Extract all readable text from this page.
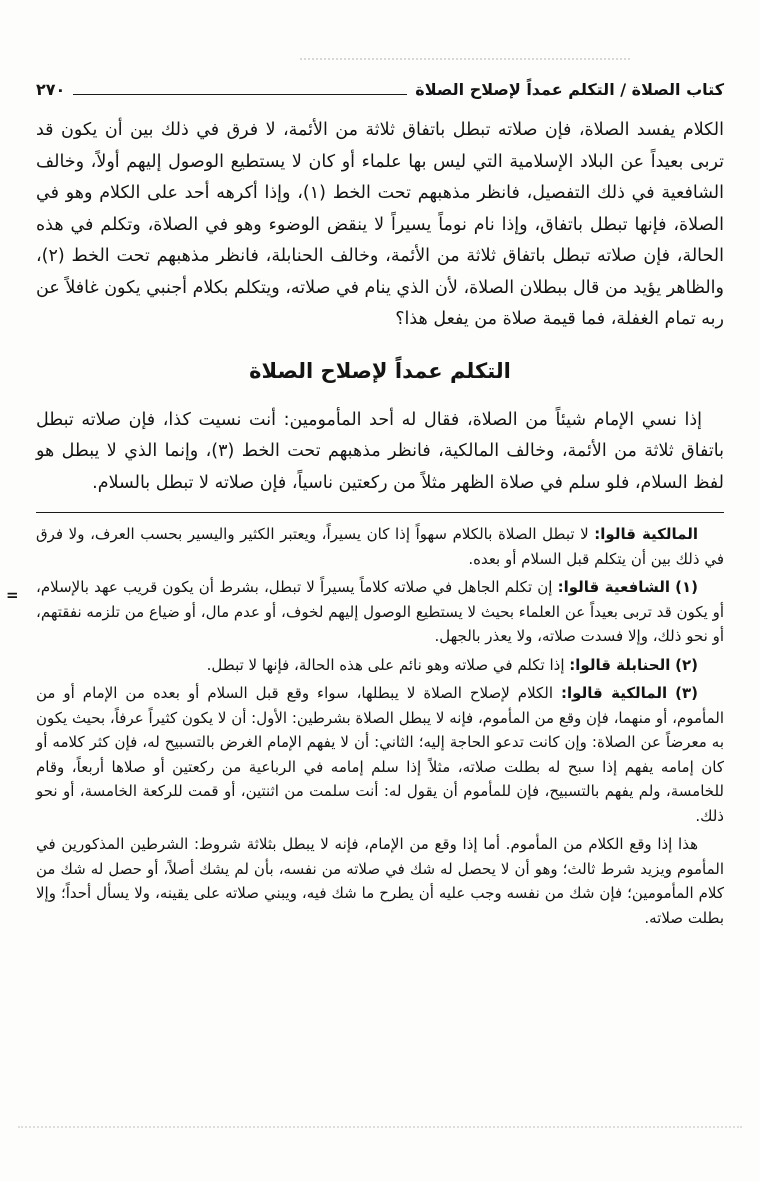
كتاب الصلاة / التكلم عمداً لإصلاح الصلاة
٢٧٠

الكلام يفسد الصلاة، فإن صلاته تبطل باتفاق ثلاثة من الأئمة، لا فرق في ذلك بين أن يكون قد تربى بعيداً عن البلاد الإسلامية التي ليس بها علماء أو كان لا يستطيع الوصول إليهم أولاً، وخالف الشافعية في ذلك التفصيل، فانظر مذهبهم تحت الخط (١)، وإذا أكرهه أحد على الكلام وهو في الصلاة، فإنها تبطل باتفاق، وإذا نام نوماً يسيراً لا ينقض الوضوء وهو في الصلاة، وتكلم في هذه الحالة، فإن صلاته تبطل باتفاق ثلاثة من الأئمة، وخالف الحنابلة، فانظر مذهبهم تحت الخط (٢)، والظاهر يؤيد من قال ببطلان الصلاة، لأن الذي ينام في صلاته، ويتكلم بكلام أجنبي يكون غافلاً عن ربه تمام الغفلة، فما قيمة صلاة من يفعل هذا؟

التكلم عمداً لإصلاح الصلاة

إذا نسي الإمام شيئاً من الصلاة، فقال له أحد المأمومين: أنت نسيت كذا، فإن صلاته تبطل باتفاق ثلاثة من الأئمة، وخالف المالكية، فانظر مذهبهم تحت الخط (٣)، وإنما الذي لا يبطل هو لفظ السلام، فلو سلم في صلاة الظهر مثلاً من ركعتين ناسياً، فإن صلاته لا تبطل بالسلام.

=

المالكية قالوا: لا تبطل الصلاة بالكلام سهواً إذا كان يسيراً، ويعتبر الكثير واليسير بحسب العرف، ولا فرق في ذلك بين أن يتكلم قبل السلام أو بعده.

(١) الشافعية قالوا: إن تكلم الجاهل في صلاته كلاماً يسيراً لا تبطل، بشرط أن يكون قريب عهد بالإسلام، أو يكون قد تربى بعيداً عن العلماء بحيث لا يستطيع الوصول إليهم لخوف، أو عدم مال، أو ضياع من تلزمه نفقتهم، أو نحو ذلك، وإلا فسدت صلاته، ولا يعذر بالجهل.

(٢) الحنابلة قالوا: إذا تكلم في صلاته وهو نائم على هذه الحالة، فإنها لا تبطل.

(٣) المالكية قالوا: الكلام لإصلاح الصلاة لا يبطلها، سواء وقع قبل السلام أو بعده من الإمام أو من المأموم، أو منهما، فإن وقع من المأموم، فإنه لا يبطل الصلاة بشرطين: الأول: أن لا يكون كثيراً عرفاً، بحيث يكون به معرضاً عن الصلاة: وإن كانت تدعو الحاجة إليه؛ الثاني: أن لا يفهم الإمام الغرض بالتسبيح له، فإن كثر كلامه أو كان إمامه يفهم إذا سبح له بطلت صلاته، مثلاً إذا سلم إمامه في الرباعية من ركعتين أو صلاها أربعاً، وقام للخامسة، ولم يفهم بالتسبيح، فإن للمأموم أن يقول له: أنت سلمت من اثنتين، أو قمت للركعة الخامسة، أو نحو ذلك.

هذا إذا وقع الكلام من المأموم. أما إذا وقع من الإمام، فإنه لا يبطل بثلاثة شروط: الشرطين المذكورين في المأموم ويزيد شرط ثالث؛ وهو أن لا يحصل له شك في صلاته من نفسه، بأن لم يشك أصلاً، أو حصل له شك من كلام المأمومين؛ فإن شك من نفسه وجب عليه أن يطرح ما شك فيه، ويبني صلاته على يقينه، ولا يسأل أحداً؛ وإلا بطلت صلاته.
